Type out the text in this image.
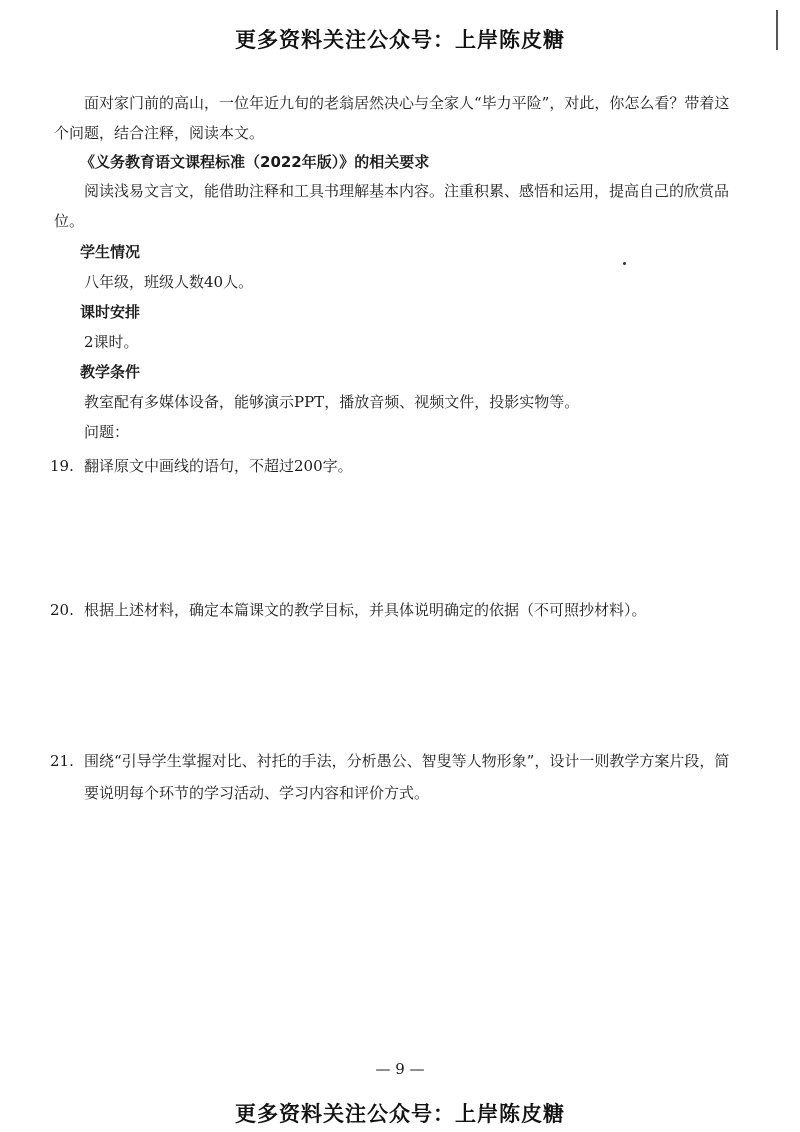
更多资料关注公众号：上岸陈皮糖

面对家门前的高山，一位年近九旬的老翁居然决心与全家人“毕力平险”，对此，你怎么看？带着这个问题，结合注释，阅读本文。

《义务教育语文课程标准（2022年版）》的相关要求

阅读浅易文言文，能借助注释和工具书理解基本内容。注重积累、感悟和运用，提高自己的欣赏品位。

学生情况

八年级，班级人数40人。

课时安排

2课时。

教学条件

教室配有多媒体设备，能够演示PPT，播放音频、视频文件，投影实物等。

问题：

19. 翻译原文中画线的语句，不超过200字。
20. 根据上述材料，确定本篇课文的教学目标，并具体说明确定的依据（不可照抄材料）。
21. 围绕“引导学生掌握对比、衬托的手法，分析愚公、智叟等人物形象”，设计一则教学方案片段，简要说明每个环节的学习活动、学习内容和评价方式。
— 9 —
更多资料关注公众号：上岸陈皮糖
